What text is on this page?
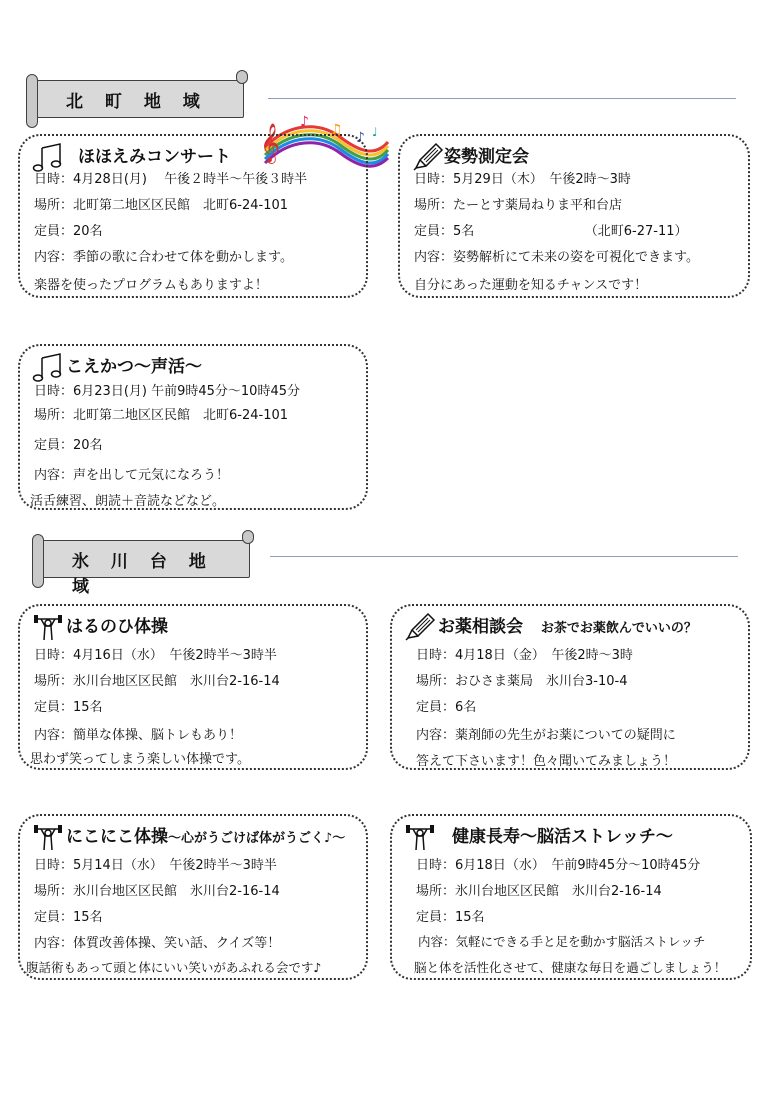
北 町 地 域
𝄞
♪ ♫ ♪ ♩
ほほえみコンサート
日時：4月28日(月)　 午後２時半～午後３時半
場所：北町第二地区区民館　北町6-24-101
定員：20名
内容：季節の歌に合わせて体を動かします。
楽器を使ったプログラムもありますよ！
姿勢測定会
日時：5月29日（木）　午後2時～3時
場所：たーとす薬局ねりま平和台店
定員：5名　　　　　　　　　（北町6-27-11）
内容：姿勢解析にて未来の姿を可視化できます。
自分にあった運動を知るチャンスです！
こえかつ～声活～
日時：6月23日(月) 午前9時45分～10時45分
場所：北町第二地区区民館　北町6-24-101
定員：20名
内容：声を出して元気になろう！
活舌練習、朗読＋音読などなど。
氷 川 台 地 域
はるのひ体操
日時：4月16日（水）　午後2時半～3時半
場所：氷川台地区区民館　氷川台2-16-14
定員：15名
内容：簡単な体操、脳トレもあり！
思わず笑ってしまう楽しい体操です。
お薬相談会 お茶でお薬飲んでいいの？
日時：4月18日（金）　午後2時～3時
場所：おひさま薬局　氷川台3-10-4
定員：6名
内容：薬剤師の先生がお薬についての疑問に
答えて下さいます！色々聞いてみましょう！
にこにこ体操～心がうごけば体がうごく♪～
日時：5月14日（水）　午後2時半～3時半
場所：氷川台地区区民館　氷川台2-16-14
定員：15名
内容：体質改善体操、笑い話、クイズ等！
腹話術もあって頭と体にいい笑いがあふれる会です♪
健康長寿～脳活ストレッチ～
日時：6月18日（水）　午前9時45分～10時45分
場所：氷川台地区区民館　氷川台2-16-14
定員：15名
内容：気軽にできる手と足を動かす脳活ストレッチ
脳と体を活性化させて、健康な毎日を過ごしましょう！
